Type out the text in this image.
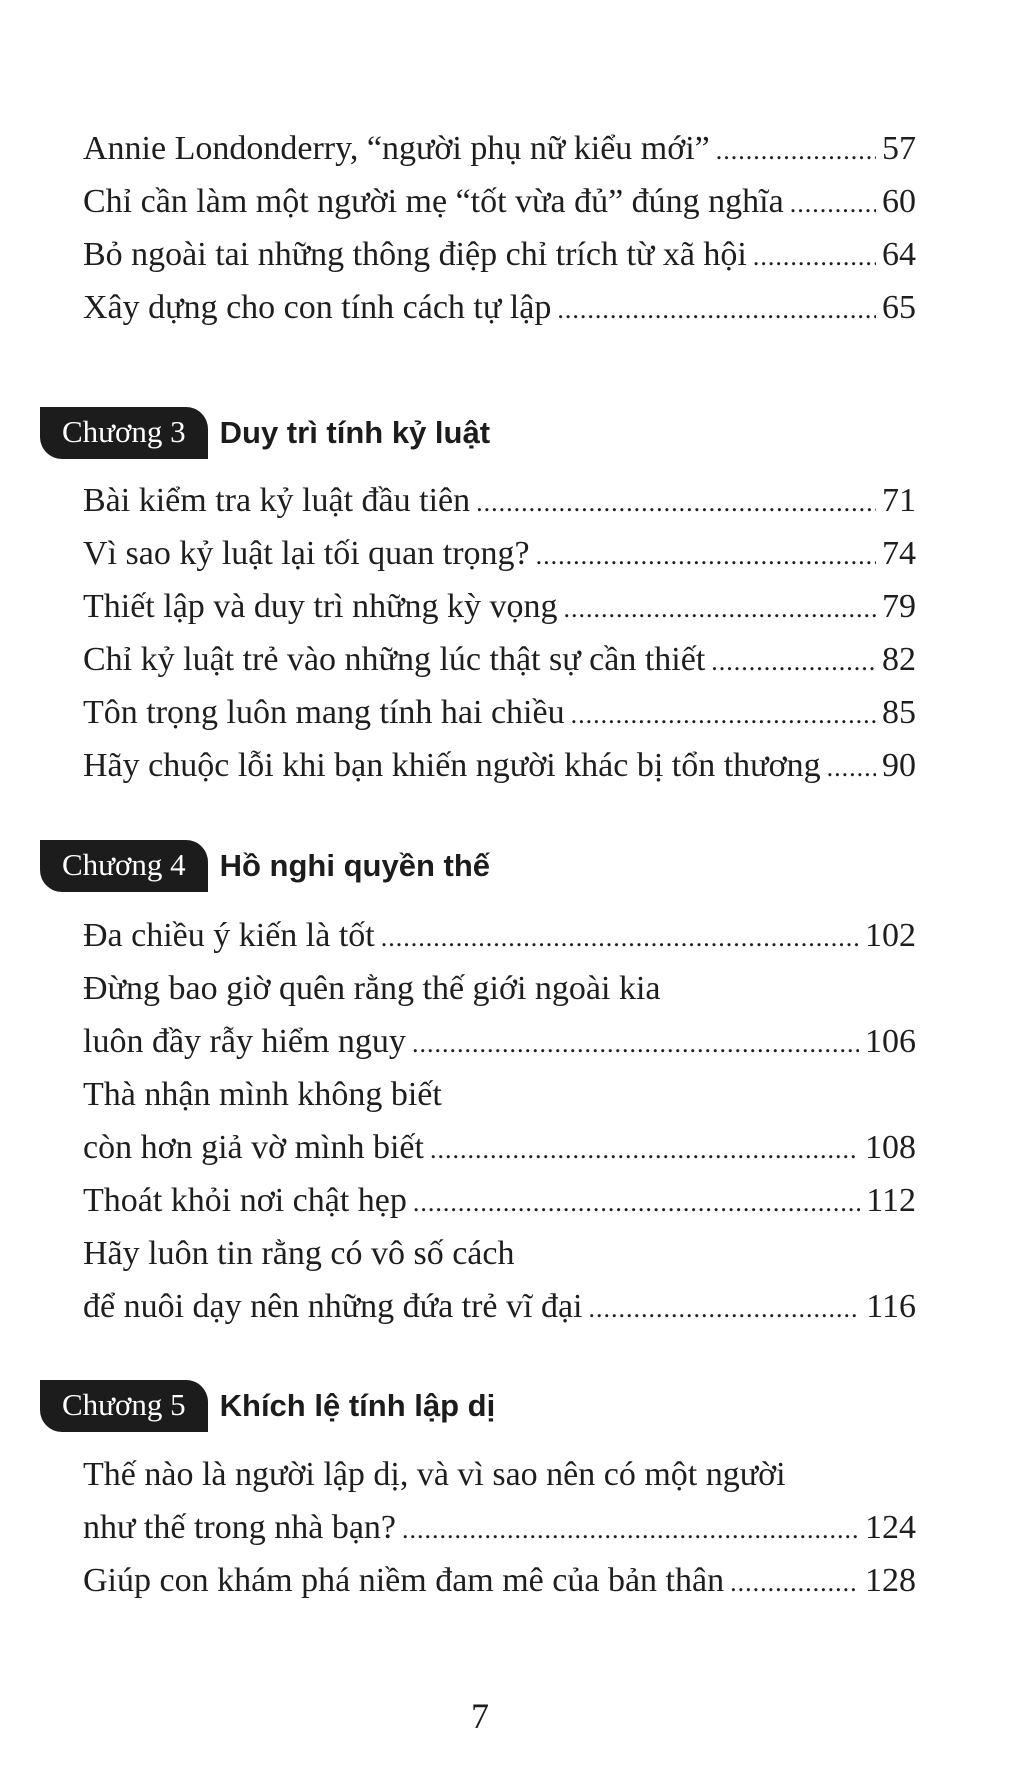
Annie Londonderry, “người phụ nữ kiểu mới” .....	57
Chỉ cần làm một người mẹ “tốt vừa đủ” đúng nghĩa .....	60
Bỏ ngoài tai những thông điệp chỉ trích từ xã hội .....	64
Xây dựng cho con tính cách tự lập .....	65
Chương 3	Duy trì tính kỷ luật
Bài kiểm tra kỷ luật đầu tiên .....	71
Vì sao kỷ luật lại tối quan trọng? .....	74
Thiết lập và duy trì những kỳ vọng .....	79
Chỉ kỷ luật trẻ vào những lúc thật sự cần thiết .....	82
Tôn trọng luôn mang tính hai chiều .....	85
Hãy chuộc lỗi khi bạn khiến người khác bị tổn thương ..... 90
Chương 4	Hồ nghi quyền thế
Đa chiều ý kiến là tốt .....	102
Đừng bao giờ quên rằng thế giới ngoài kia
luôn đầy rẫy hiểm nguy .....	106
Thà nhận mình không biết
còn hơn giả vờ mình biết .....	108
Thoát khỏi nơi chật hẹp .....	112
Hãy luôn tin rằng có vô số cách
để nuôi dạy nên những đứa trẻ vĩ đại .....	116
Chương 5	Khích lệ tính lập dị
Thế nào là người lập dị, và vì sao nên có một người
như thế trong nhà bạn? .....	124
Giúp con khám phá niềm đam mê của bản thân .....	128
7
